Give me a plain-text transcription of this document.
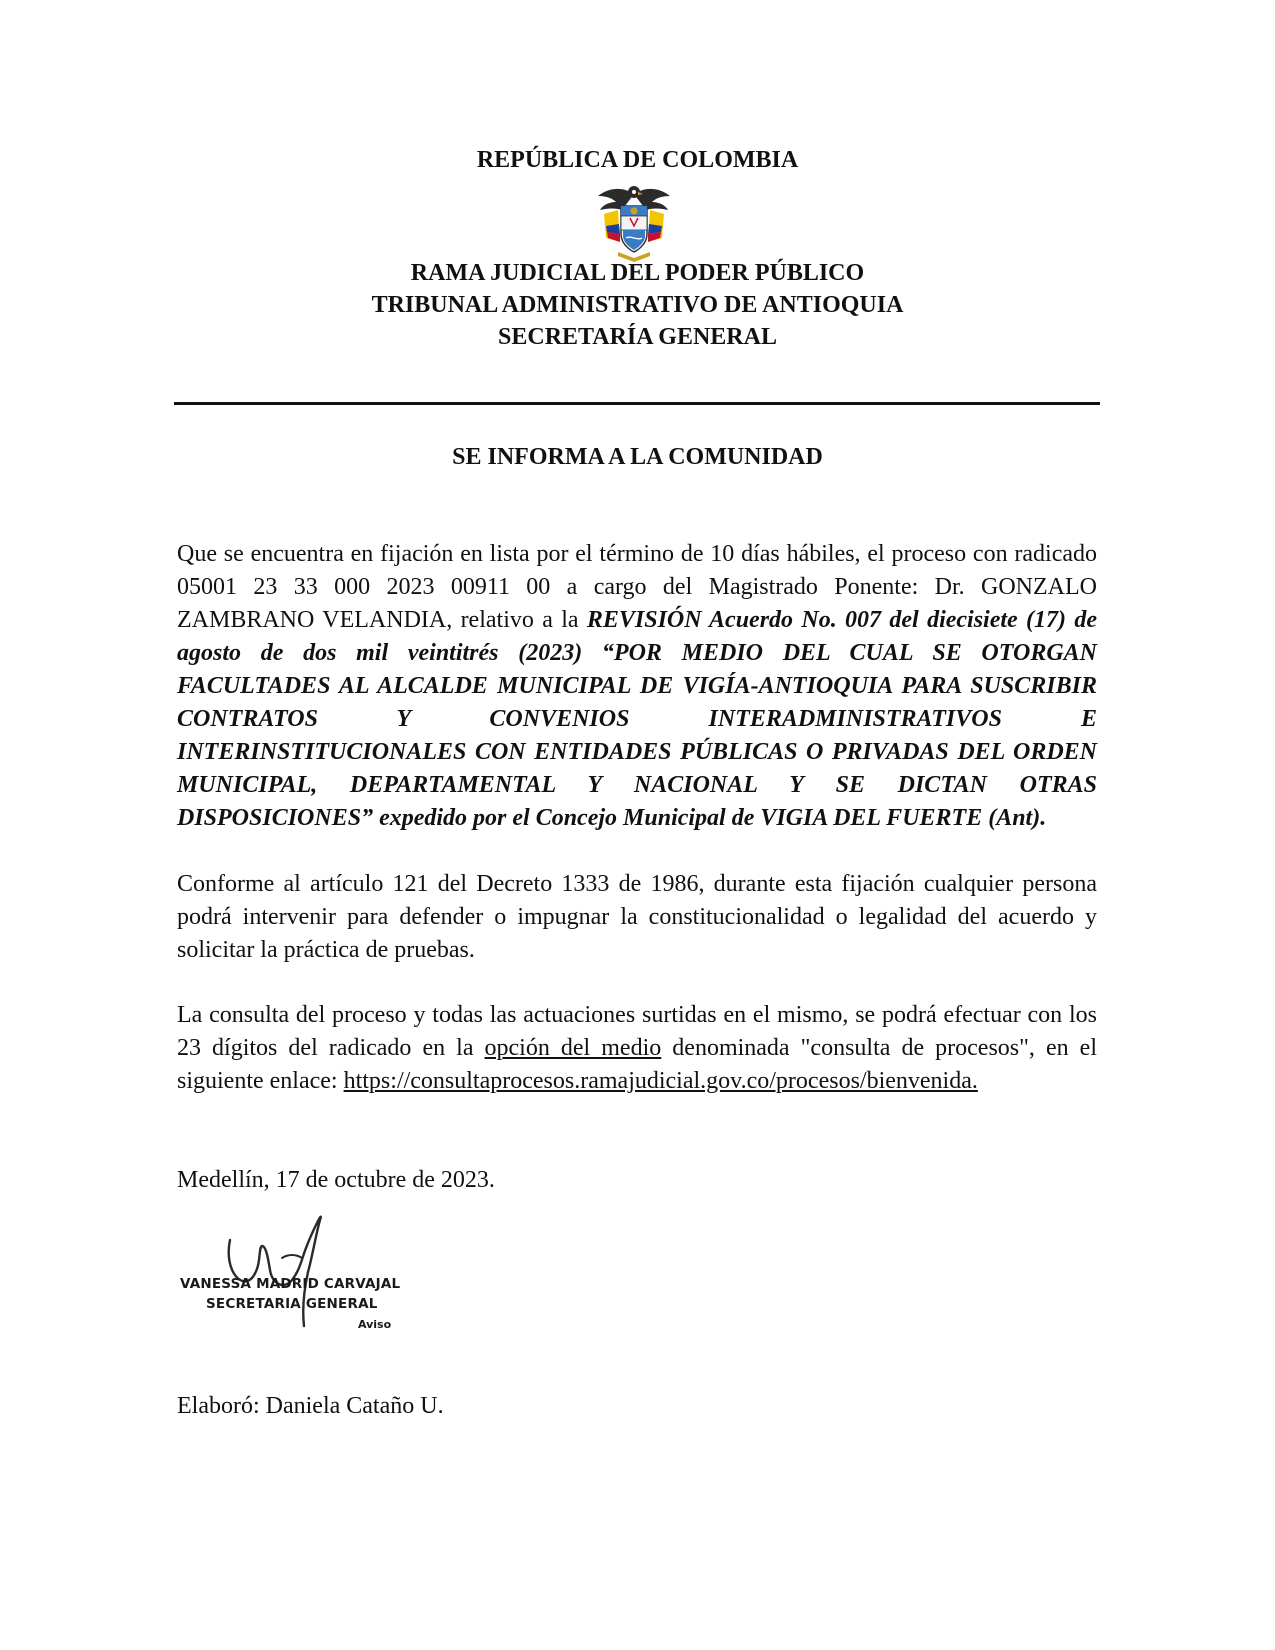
REPÚBLICA DE COLOMBIA
RAMA JUDICIAL DEL PODER PÚBLICO
TRIBUNAL ADMINISTRATIVO DE ANTIOQUIA
SECRETARÍA GENERAL
SE INFORMA A LA COMUNIDAD

Que se encuentra en fijación en lista por el término de 10 días hábiles, el proceso con radicado 05001 23 33 000 2023 00911 00 a cargo del Magistrado Ponente: Dr. GONZALO ZAMBRANO VELANDIA, relativo a la REVISIÓN Acuerdo No. 007 del diecisiete (17) de agosto de dos mil veintitrés (2023) “POR MEDIO DEL CUAL SE OTORGAN FACULTADES AL ALCALDE MUNICIPAL DE VIGÍA-ANTIOQUIA PARA SUSCRIBIR CONTRATOS Y CONVENIOS INTERADMINISTRATIVOS E INTERINSTITUCIONALES CON ENTIDADES PÚBLICAS O PRIVADAS DEL ORDEN MUNICIPAL, DEPARTAMENTAL Y NACIONAL Y SE DICTAN OTRAS DISPOSICIONES” expedido por el Concejo Municipal de VIGIA DEL FUERTE (Ant).

Conforme al artículo 121 del Decreto 1333 de 1986, durante esta fijación cualquier persona podrá intervenir para defender o impugnar la constitucionalidad o legalidad del acuerdo y solicitar la práctica de pruebas.

La consulta del proceso y todas las actuaciones surtidas en el mismo, se podrá efectuar con los 23 dígitos del radicado en la opción del medio denominada "consulta de procesos", en el siguiente enlace: https://consultaprocesos.ramajudicial.gov.co/procesos/bienvenida.

Medellín, 17 de octubre de 2023.
VANESSA MADRID CARVAJAL
SECRETARIA GENERAL
Aviso
Elaboró: Daniela Cataño U.
